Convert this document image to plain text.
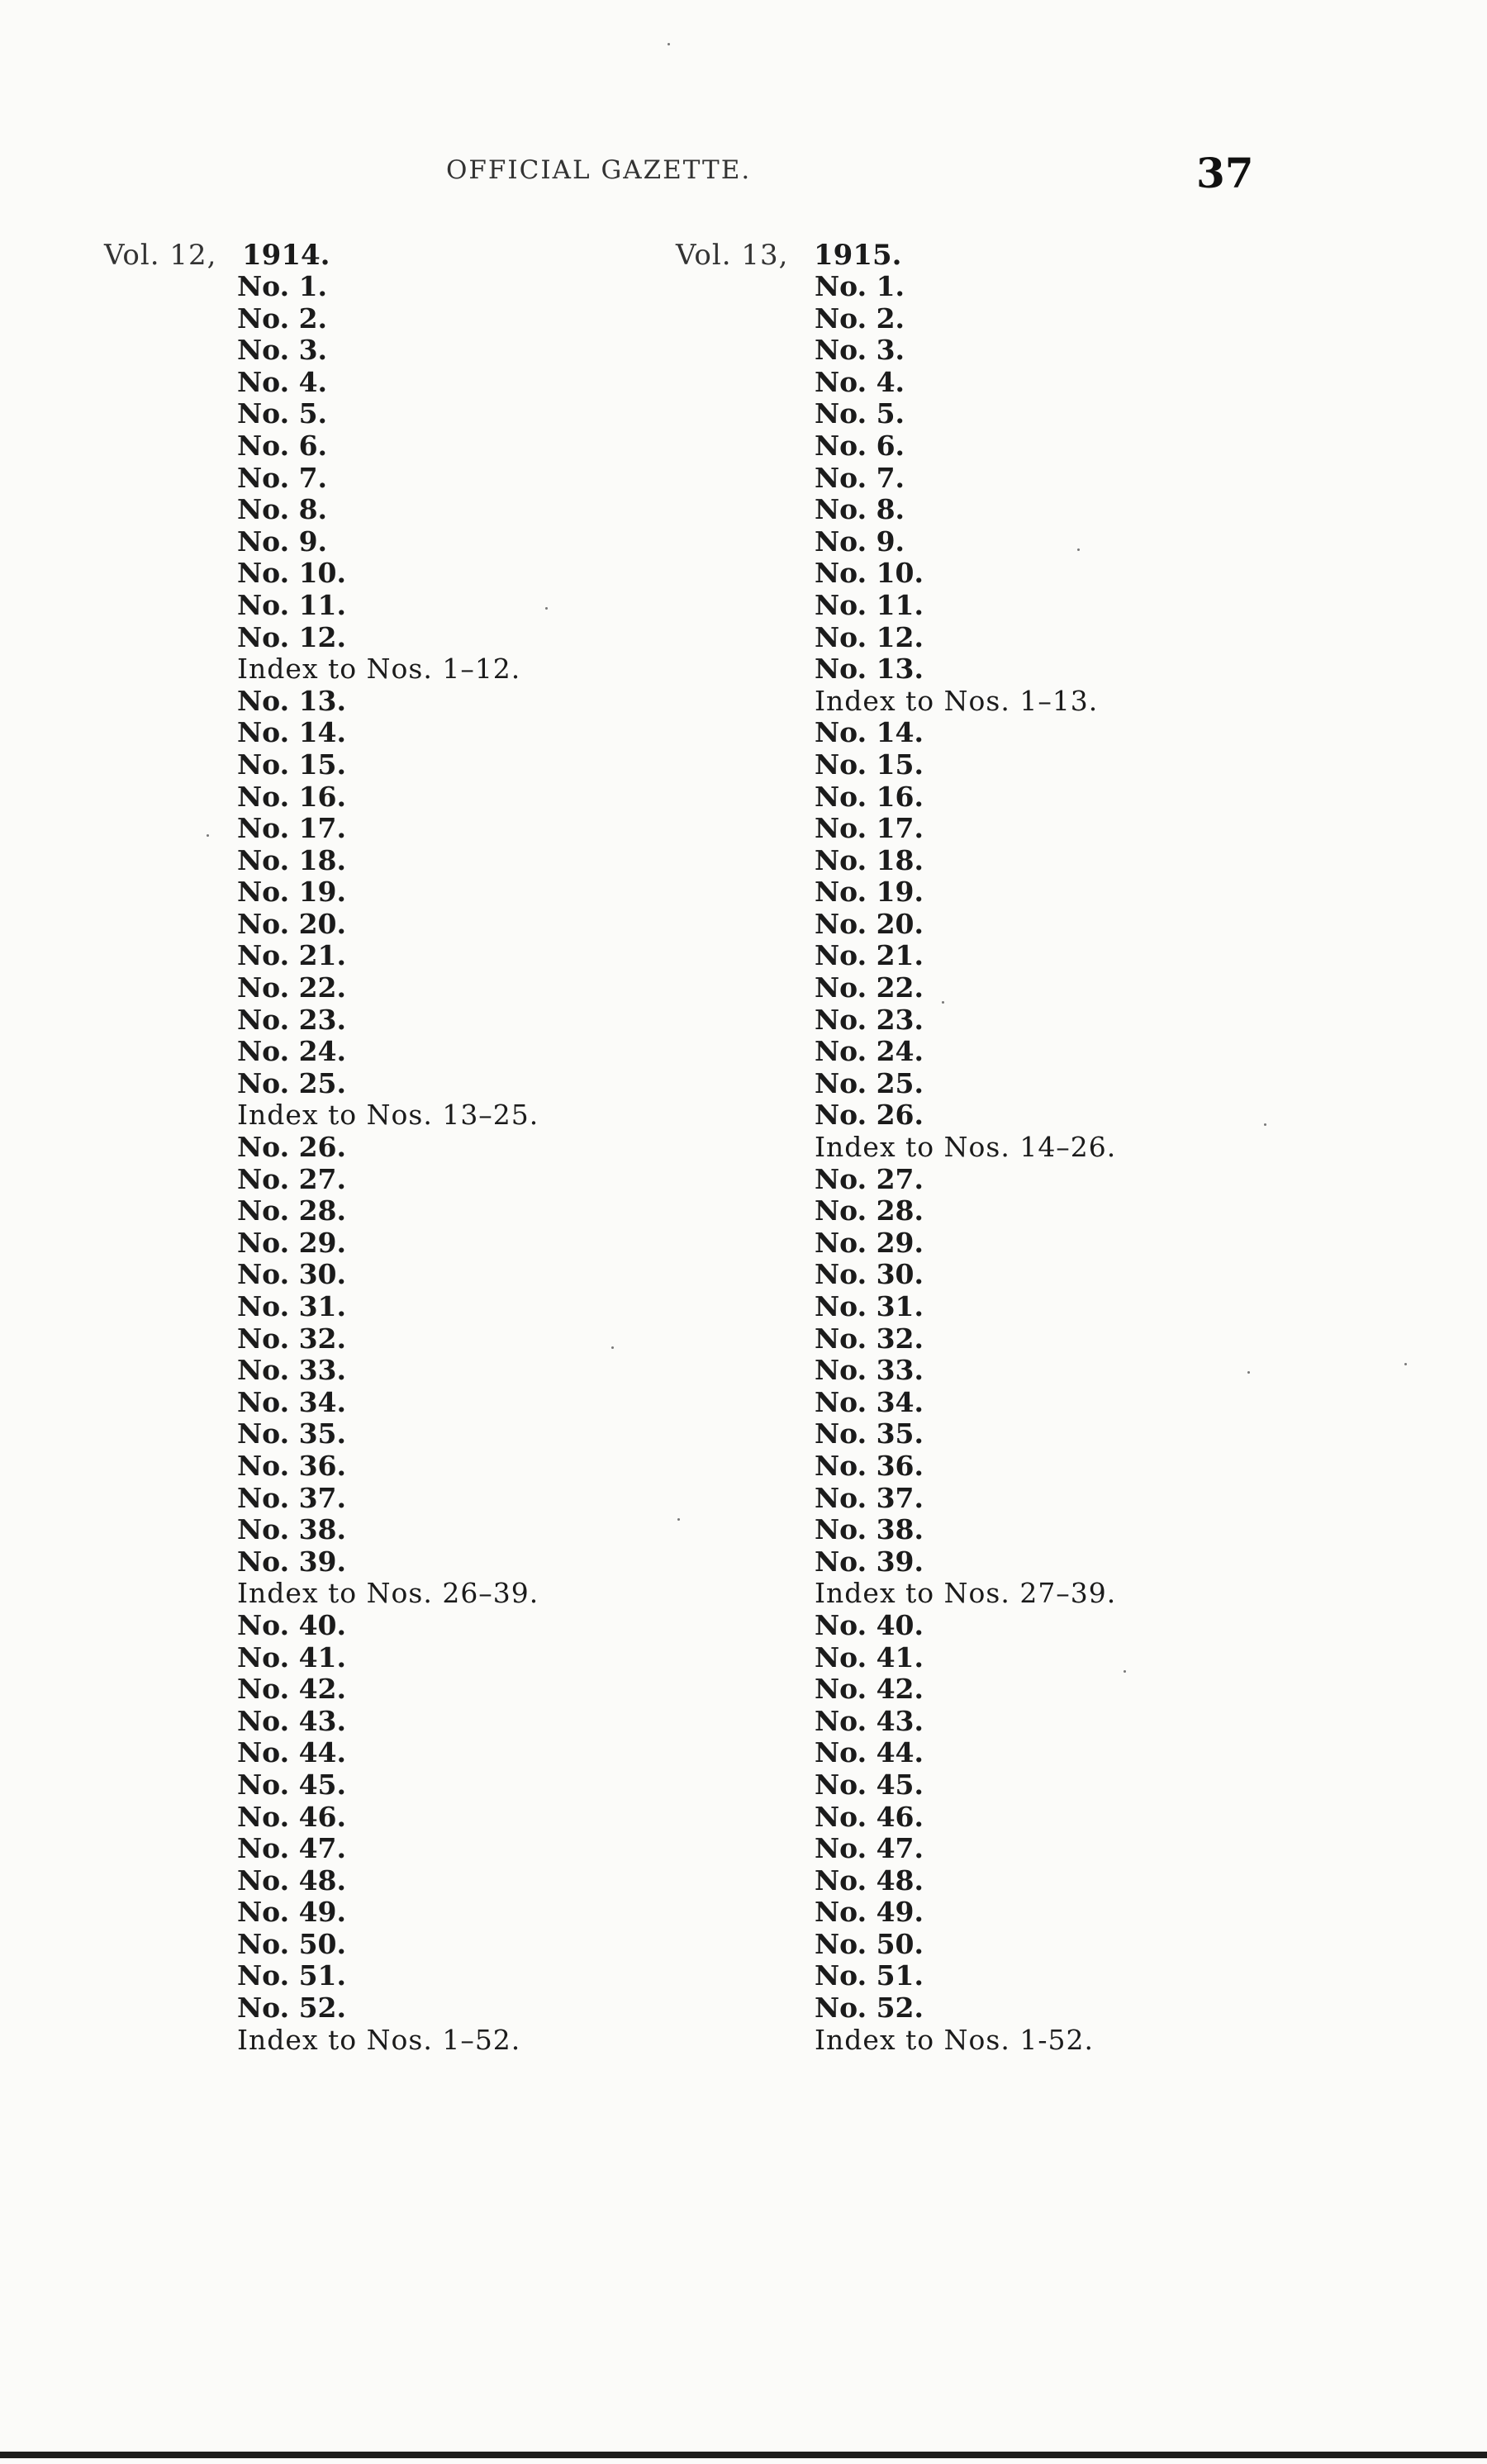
OFFICIAL GAZETTE.	37
Vol. 12, 1914.
No. 1.
No. 2.
No. 3.
No. 4.
No. 5.
No. 6.
No. 7.
No. 8.
No. 9.
No. 10.
No. 11.
No. 12.
Index to Nos. 1–12.
No. 13.
No. 14.
No. 15.
No. 16.
No. 17.
No. 18.
No. 19.
No. 20.
No. 21.
No. 22.
No. 23.
No. 24.
No. 25.
Index to Nos. 13–25.
No. 26.
No. 27.
No. 28.
No. 29.
No. 30.
No. 31.
No. 32.
No. 33.
No. 34.
No. 35.
No. 36.
No. 37.
No. 38.
No. 39.
Index to Nos. 26–39.
No. 40.
No. 41.
No. 42.
No. 43.
No. 44.
No. 45.
No. 46.
No. 47.
No. 48.
No. 49.
No. 50.
No. 51.
No. 52.
Index to Nos. 1–52.
Vol. 13, 1915.
No. 1.
No. 2.
No. 3.
No. 4.
No. 5.
No. 6.
No. 7.
No. 8.
No. 9.
No. 10.
No. 11.
No. 12.
No. 13.
Index to Nos. 1–13.
No. 14.
No. 15.
No. 16.
No. 17.
No. 18.
No. 19.
No. 20.
No. 21.
No. 22.
No. 23.
No. 24.
No. 25.
No. 26.
Index to Nos. 14–26.
No. 27.
No. 28.
No. 29.
No. 30.
No. 31.
No. 32.
No. 33.
No. 34.
No. 35.
No. 36.
No. 37.
No. 38.
No. 39.
Index to Nos. 27–39.
No. 40.
No. 41.
No. 42.
No. 43.
No. 44.
No. 45.
No. 46.
No. 47.
No. 48.
No. 49.
No. 50.
No. 51.
No. 52.
Index to Nos. 1-52.
